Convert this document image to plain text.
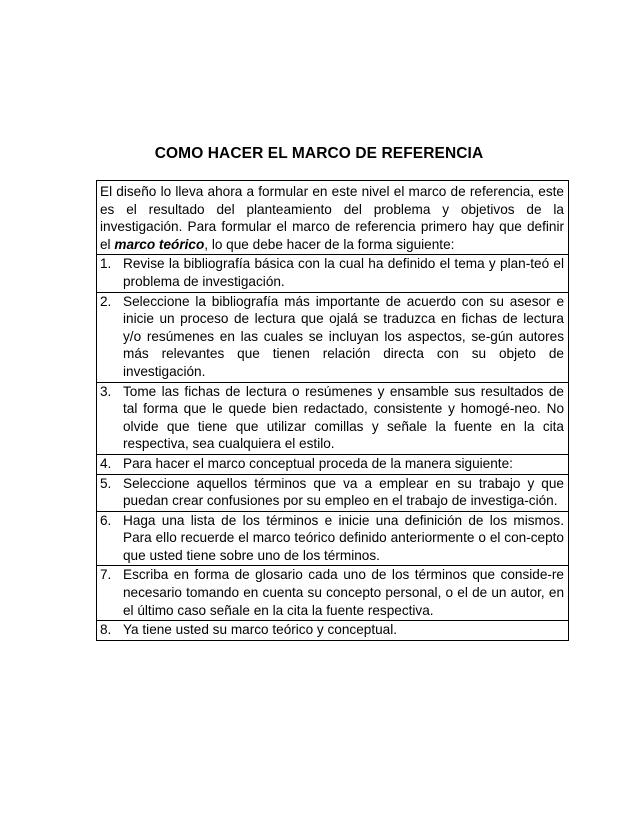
COMO HACER EL MARCO DE REFERENCIA
El diseño lo lleva ahora a formular en este nivel el marco de referencia, este es el resultado del planteamiento del problema y objetivos de la investigación. Para formular el marco de referencia primero hay que definir el marco teórico, lo que debe hacer de la forma siguiente:

1. Revise la bibliografía básica con la cual ha definido el tema y plan-teó el problema de investigación.

2. Seleccione la bibliografía más importante de acuerdo con su asesor e inicie un proceso de lectura que ojalá se traduzca en fichas de lectura y/o resúmenes en las cuales se incluyan los aspectos, se-gún autores más relevantes que tienen relación directa con su objeto de investigación.

3. Tome las fichas de lectura o resúmenes y ensamble sus resultados de tal forma que le quede bien redactado, consistente y homogé-neo. No olvide que tiene que utilizar comillas y señale la fuente en la cita respectiva, sea cualquiera el estilo.

4. Para hacer el marco conceptual proceda de la manera siguiente:

5. Seleccione aquellos términos que va a emplear en su trabajo y que puedan crear confusiones por su empleo en el trabajo de investiga-ción.

6. Haga una lista de los términos e inicie una definición de los mismos. Para ello recuerde el marco teórico definido anteriormente o el con-cepto que usted tiene sobre uno de los términos.

7. Escriba en forma de glosario cada uno de los términos que conside-re necesario tomando en cuenta su concepto personal, o el de un autor, en el último caso señale en la cita la fuente respectiva.

8. Ya tiene usted su marco teórico y conceptual.
